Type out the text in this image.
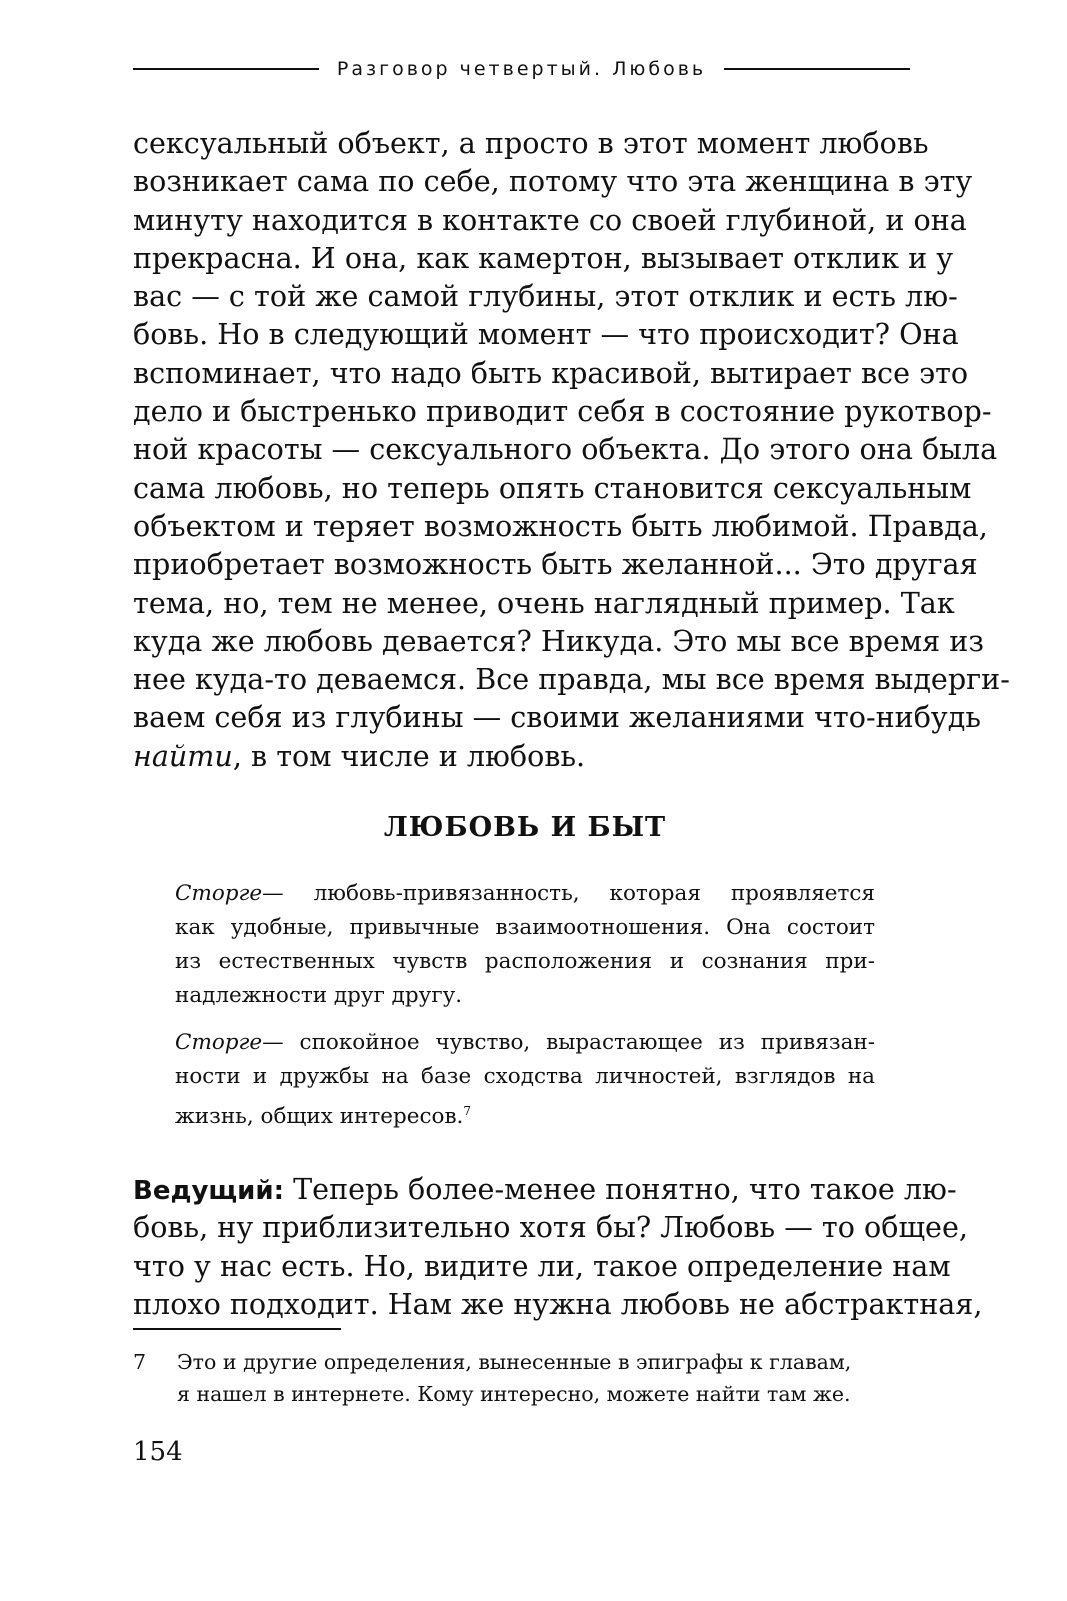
Разговор четвертый. Любовь
сексуальный объект, а просто в этот момент любовь
возникает сама по себе, потому что эта женщина в эту
минуту находится в контакте со своей глубиной, и она
прекрасна. И она, как камертон, вызывает отклик и у
вас — с той же самой глубины, этот отклик и есть лю-
бовь. Но в следующий момент — что происходит? Она
вспоминает, что надо быть красивой, вытирает все это
дело и быстренько приводит себя в состояние рукотвор-
ной красоты — сексуального объекта. До этого она была
сама любовь, но теперь опять становится сексуальным
объектом и теряет возможность быть любимой. Правда,
приобретает возможность быть желанной... Это другая
тема, но, тем не менее, очень наглядный пример. Так
куда же любовь девается? Никуда. Это мы все время из
нее куда-то деваемся. Все правда, мы все время выдерги-
ваем себя из глубины — своими желаниями что-нибудь
найти, в том числе и любовь.
ЛЮБОВЬ И БЫТ
Сторге— любовь-привязанность, которая проявляется
как удобные, привычные взаимоотношения. Она состоит
из естественных чувств расположения и сознания при-
надлежности друг другу.
Сторге— спокойное чувство, вырастающее из привязан-
ности и дружбы на базе сходства личностей, взглядов на
жизнь, общих интересов.$^7$
Ведущий: Теперь более-менее понятно, что такое лю-
бовь, ну приблизительно хотя бы? Любовь — то общее,
что у нас есть. Но, видите ли, такое определение нам
плохо подходит. Нам же нужна любовь не абстрактная,
7 Это и другие определения, вынесенные в эпиграфы к главам,
я нашел в интернете. Кому интересно, можете найти там же.
154
